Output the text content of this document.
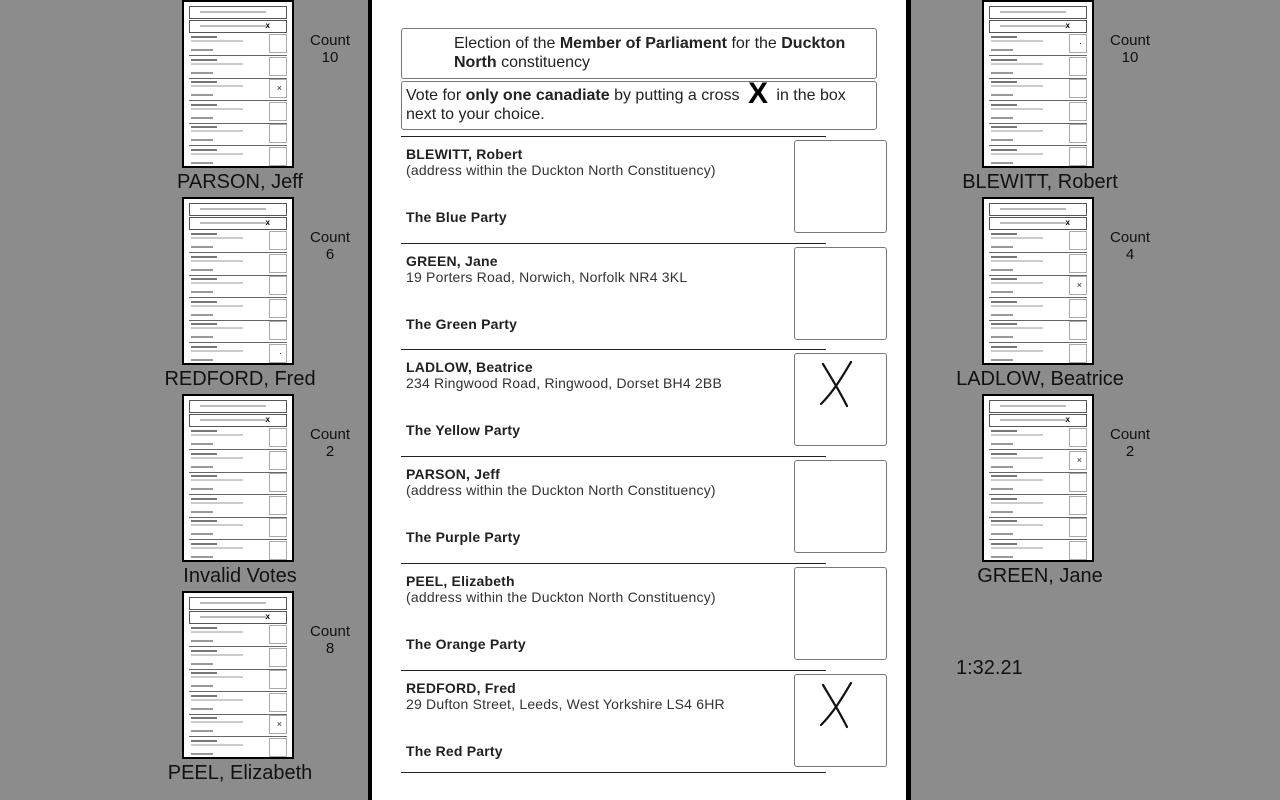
x
×
Count
10
PARSON, Jeff
x
·
Count
6
REDFORD, Fred
x
Count
2
Invalid Votes
x
×
Count
8
PEEL, Elizabeth
x
·	Count
10
BLEWITT, Robert
x
×
Count
4
LADLOW, Beatrice
x
×
Count
2
GREEN, Jane
1:32.21
Election of the Member of Parliament for the Duckton North constituency
Vote for only one canadiate by putting a cross X in the box next to your choice.
BLEWITT, Robert
(address within the Duckton North Constituency)
The Blue Party
GREEN, Jane
19 Porters Road, Norwich, Norfolk NR4 3KL
The Green Party
LADLOW, Beatrice
234 Ringwood Road, Ringwood, Dorset BH4 2BB
The Yellow Party
PARSON, Jeff
(address within the Duckton North Constituency)
The Purple Party
PEEL, Elizabeth
(address within the Duckton North Constituency)
The Orange Party
REDFORD, Fred
29 Dufton Street, Leeds, West Yorkshire LS4 6HR
The Red Party
